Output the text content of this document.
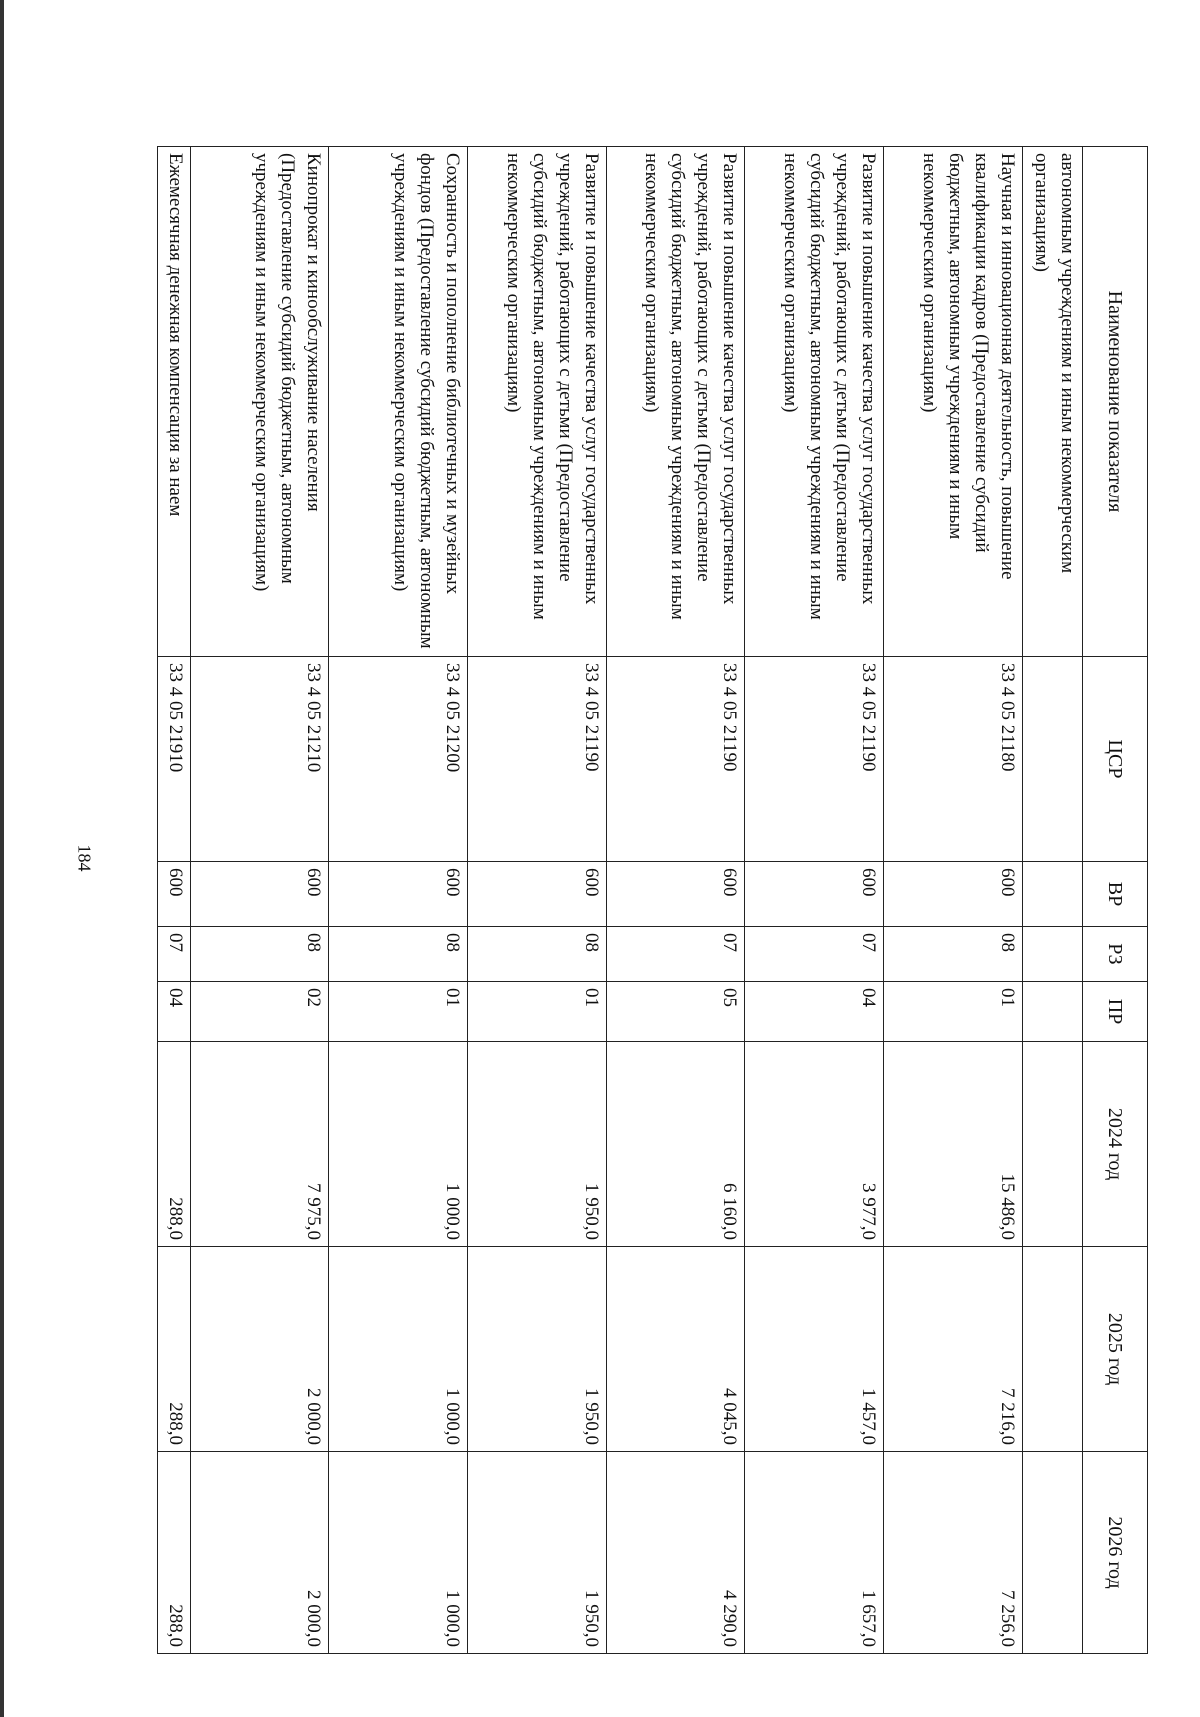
184
Наименование показателя	ЦСР	ВР	РЗ	ПР	2024 год	2025 год	2026 год
автономным учреждениям и иным некоммерческим организациям)							
Научная и инновационная деятельность, повышение квалификации кадров (Предоставление субсидий бюджетным, автономным учреждениям и иным некоммерческим организациям)	33 4 05 21180	600	08	01	15 486,0	7 216,0	7 256,0
Развитие и повышение качества услуг государственных учреждений, работающих с детьми (Предоставление субсидий бюджетным, автономным учреждениям и иным некоммерческим организациям)	33 4 05 21190	600	07	04	3 977,0	1 457,0	1 657,0
Развитие и повышение качества услуг государственных учреждений, работающих с детьми (Предоставление субсидий бюджетным, автономным учреждениям и иным некоммерческим организациям)	33 4 05 21190	600	07	05	6 160,0	4 045,0	4 290,0
Развитие и повышение качества услуг государственных учреждений, работающих с детьми (Предоставление субсидий бюджетным, автономным учреждениям и иным некоммерческим организациям)	33 4 05 21190	600	08	01	1 950,0	1 950,0	1 950,0
Сохранность и пополнение библиотечных и музейных фондов (Предоставление субсидий бюджетным, автономным учреждениям и иным некоммерческим организациям)	33 4 05 21200	600	08	01	1 000,0	1 000,0	1 000,0
Кинопрокат и кинообслуживание населения (Предоставление субсидий бюджетным, автономным учреждениям и иным некоммерческим организациям)	33 4 05 21210	600	08	02	7 975,0	2 000,0	2 000,0
Ежемесячная денежная компенсация за наем	33 4 05 21910	600	07	04	288,0	288,0	288,0
